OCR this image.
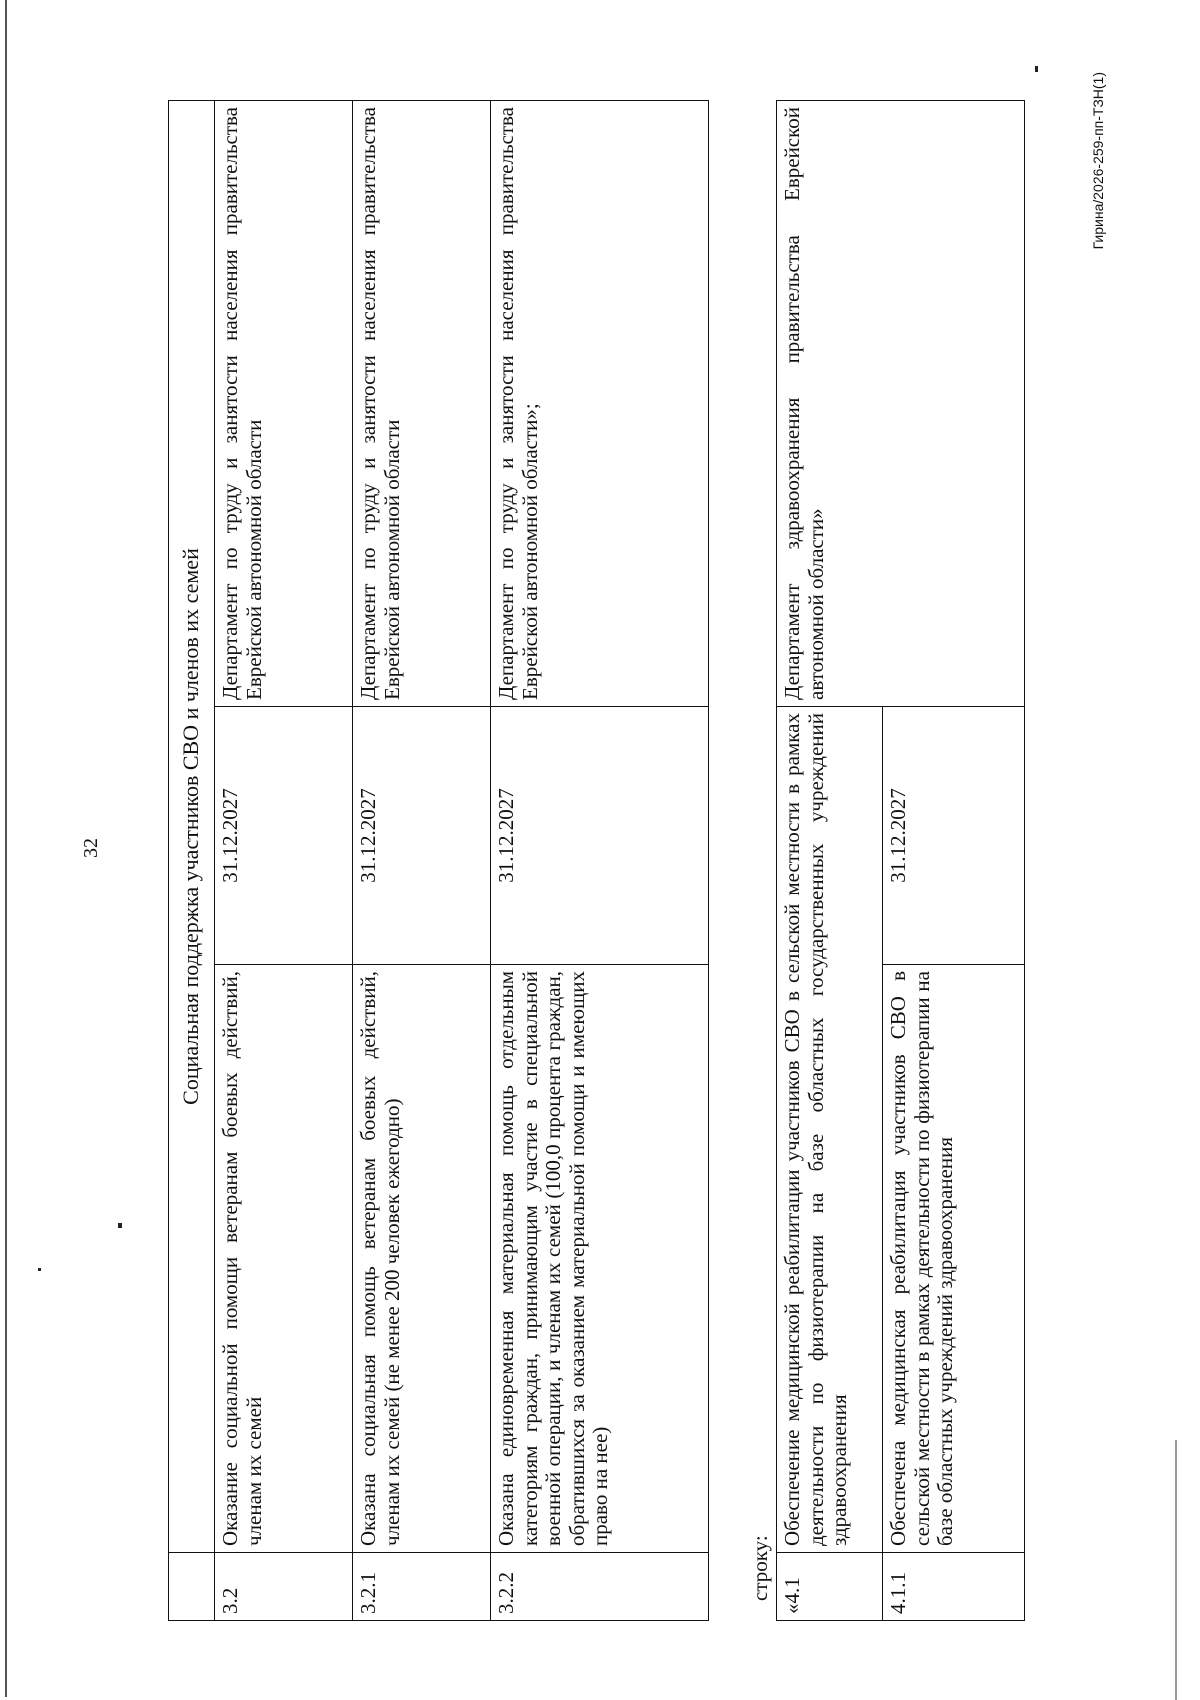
32
		Социальная поддержка участников СВО и членов их семей		
3.2	Оказание социальной помощи ветеранам боевых действий, членам их семей	31.12.2027	Департамент по труду и занятости населения правительства Еврейской автономной области
3.2.1	Оказана социальная помощь ветеранам боевых действий, членам их семей (не менее 200 человек ежегодно)	31.12.2027	Департамент по труду и занятости населения правительства Еврейской автономной области
3.2.2	Оказана единовременная материальная помощь отдельным категориям граждан, принимающим участие в специальной военной операции, и членам их семей (100,0 процента граждан, обратившихся за оказанием материальной помощи и имеющих право на нее)	31.12.2027	Департамент по труду и занятости населения правительства Еврейской автономной области»;
строку: «4.1	Обеспечение медицинской реабилитации участников СВО в сельской местности в рамках деятельности по физиотерапии на базе областных государственных учреждений здравоохранения		Департамент здравоохранения правительства Еврейской автономной области»
4.1.1	Обеспечена медицинская реабилитация участников СВО в сельской местности в рамках деятельности по физиотерапии на базе областных учреждений здравоохранения	31.12.2027	
Гирина/2026-259-пп-ТЗН(1)
